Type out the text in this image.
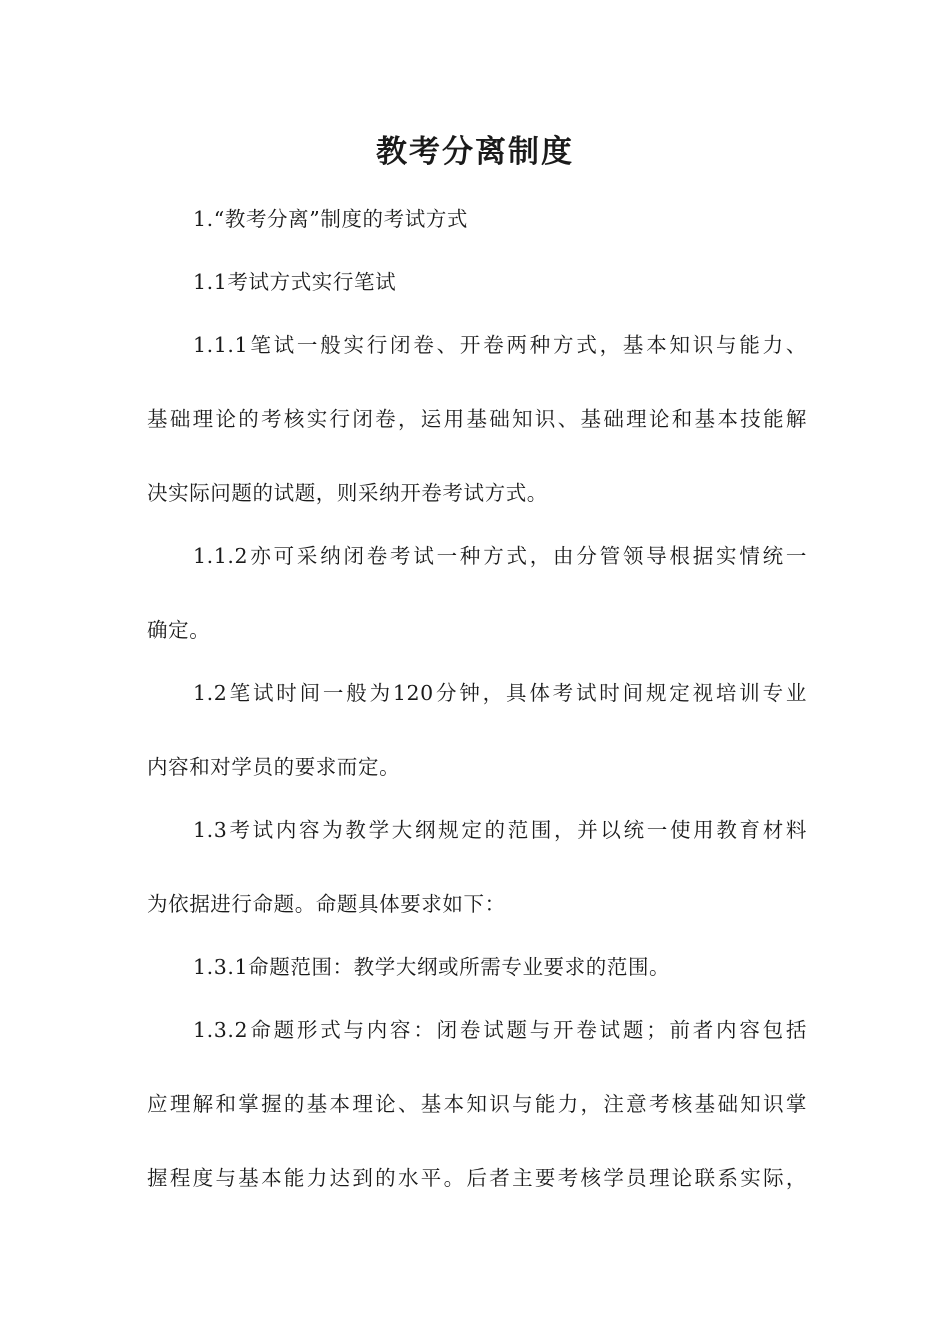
教考分离制度
1.“教考分离”制度的考试方式
1.1考试方式实行笔试
1.1.1笔试一般实行闭卷、开卷两种方式，基本知识与能力、
基础理论的考核实行闭卷，运用基础知识、基础理论和基本技能解
决实际问题的试题，则采纳开卷考试方式。
1.1.2亦可采纳闭卷考试一种方式，由分管领导根据实情统一
确定。
1.2笔试时间一般为120分钟，具体考试时间规定视培训专业
内容和对学员的要求而定。
1.3考试内容为教学大纲规定的范围，并以统一使用教育材料
为依据进行命题。命题具体要求如下：
1.3.1命题范围：教学大纲或所需专业要求的范围。
1.3.2命题形式与内容：闭卷试题与开卷试题；前者内容包括
应理解和掌握的基本理论、基本知识与能力，注意考核基础知识掌
握程度与基本能力达到的水平。后者主要考核学员理论联系实际，
